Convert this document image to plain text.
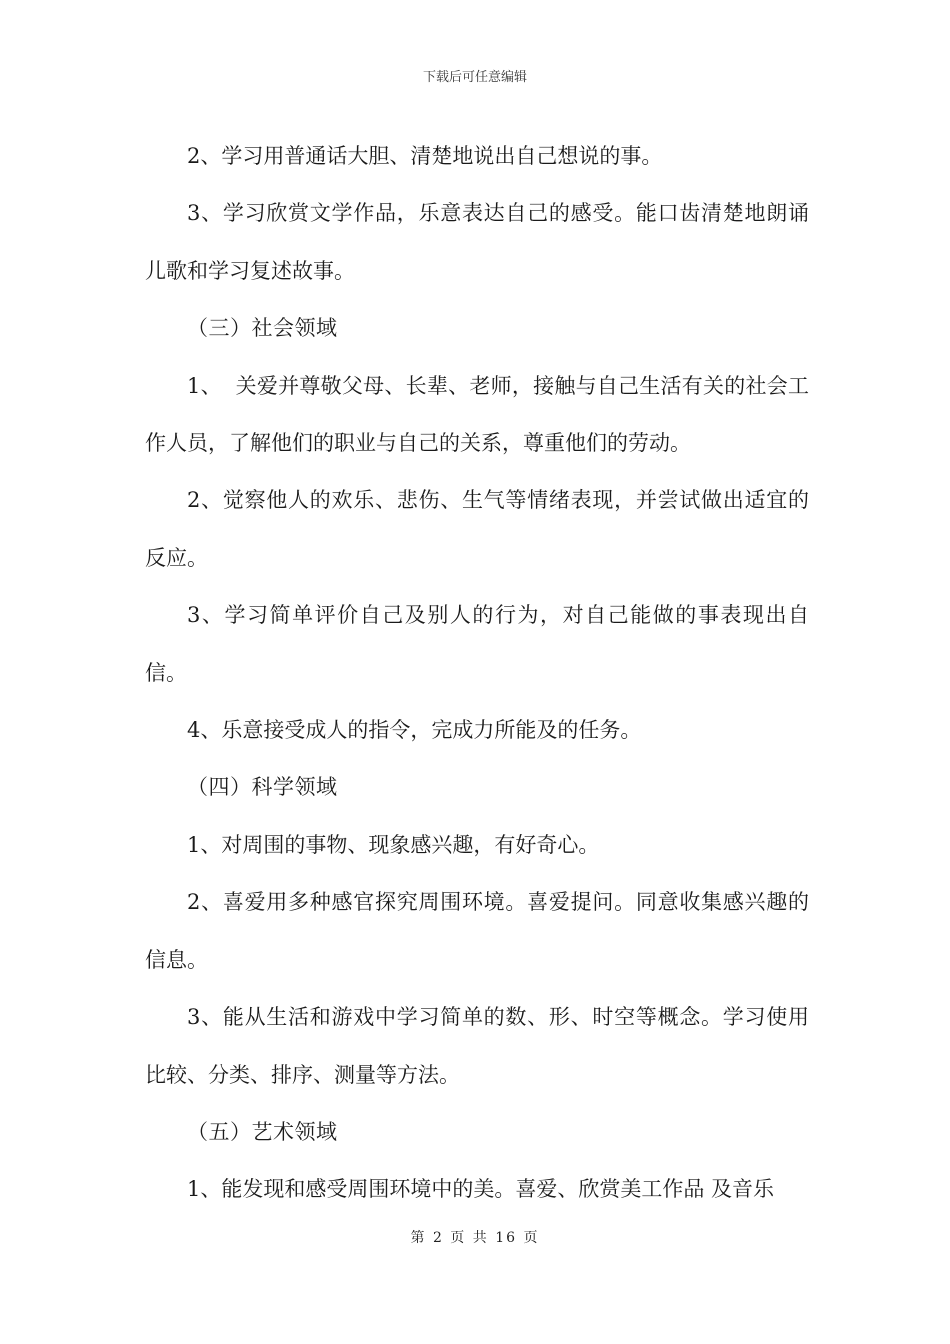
下载后可任意编辑

2、学习用普通话大胆、清楚地说出自己想说的事。

3、学习欣赏文学作品，乐意表达自己的感受。能口齿清楚地朗诵儿歌和学习复述故事。

（三）社会领域

1、  关爱并尊敬父母、长辈、老师，接触与自己生活有关的社会工作人员，了解他们的职业与自己的关系，尊重他们的劳动。

2、觉察他人的欢乐、悲伤、生气等情绪表现，并尝试做出适宜的反应。

3、学习简单评价自己及别人的行为，对自己能做的事表现出自信。

4、乐意接受成人的指令，完成力所能及的任务。

（四）科学领域

1、对周围的事物、现象感兴趣，有好奇心。

2、喜爱用多种感官探究周围环境。喜爱提问。同意收集感兴趣的信息。

3、能从生活和游戏中学习简单的数、形、时空等概念。学习使用比较、分类、排序、测量等方法。

（五）艺术领域

1、能发现和感受周围环境中的美。喜爱、欣赏美工作品 及音乐

第 2 页 共 16 页
